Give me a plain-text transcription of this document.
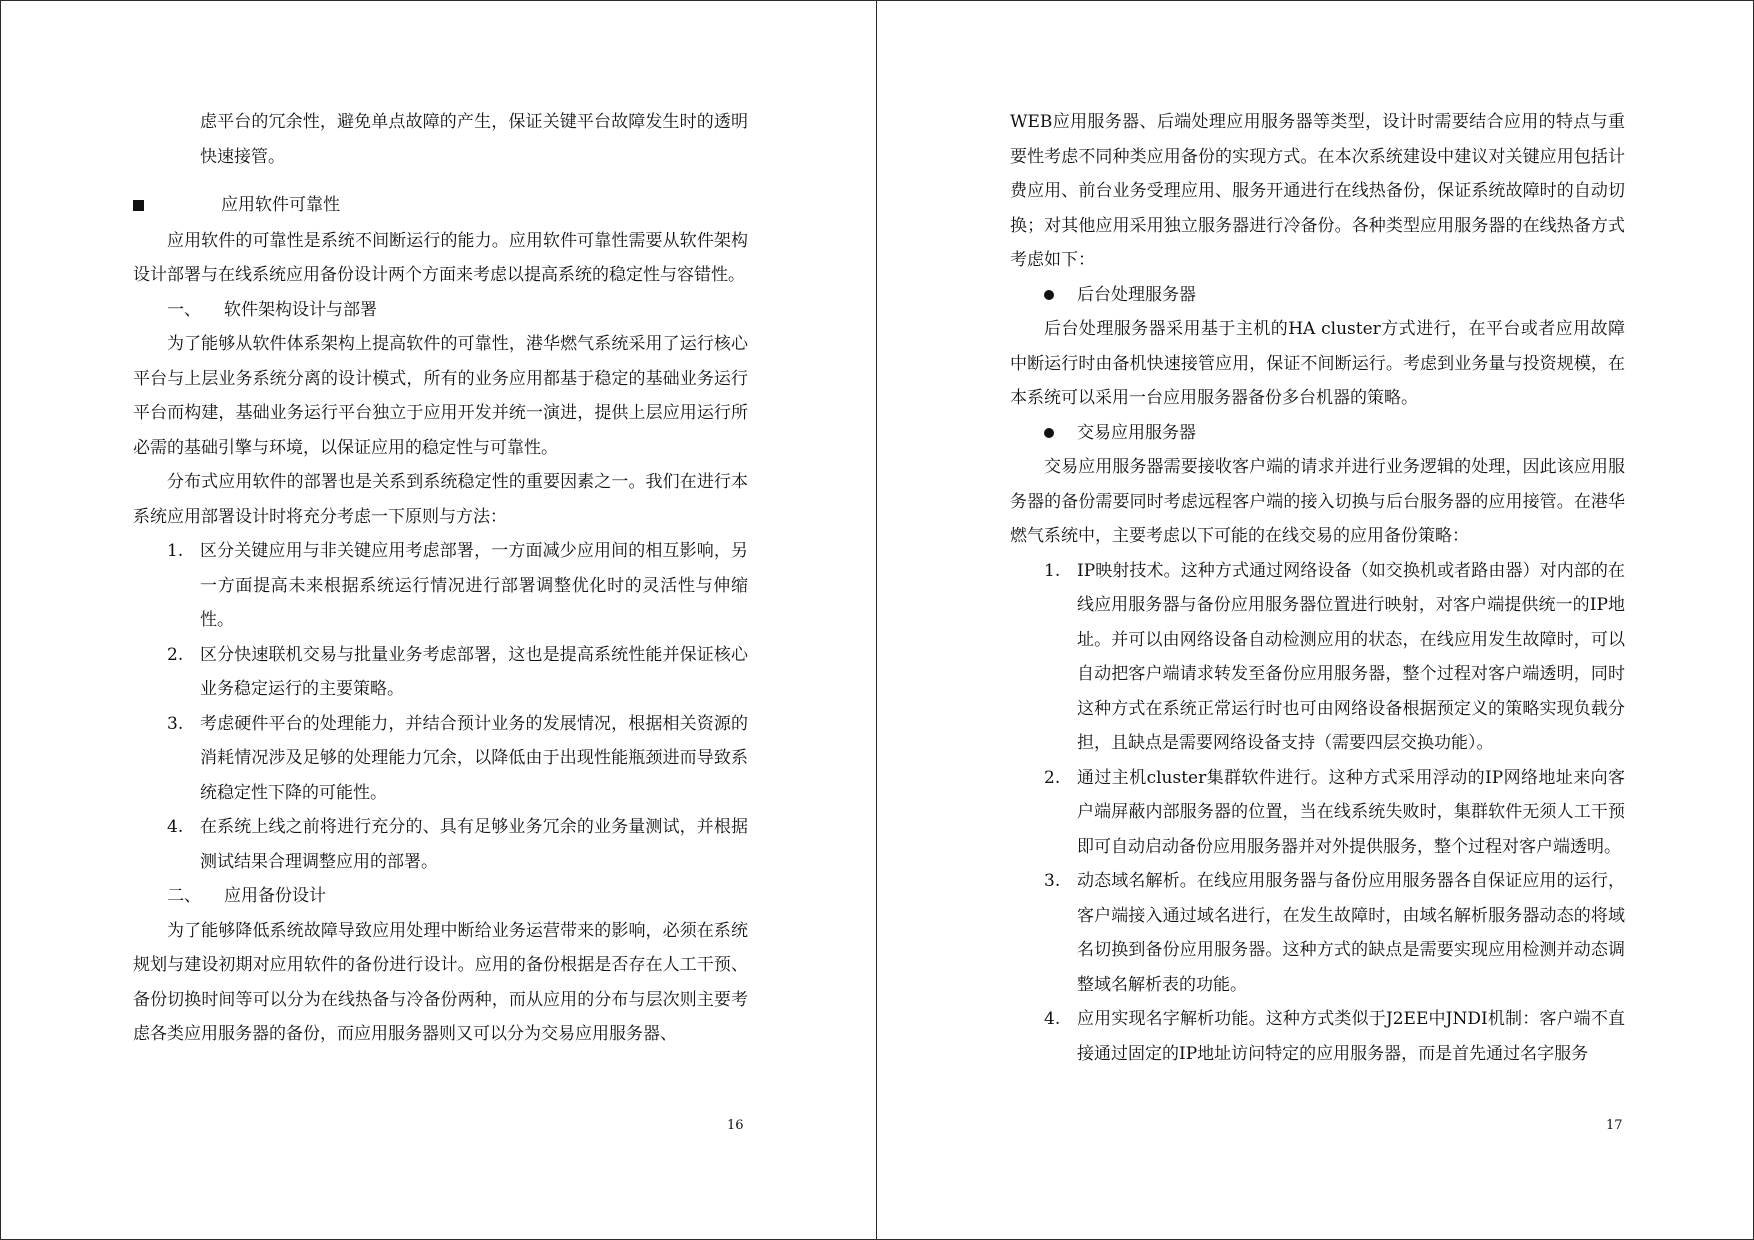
虑平台的冗余性，避免单点故障的产生，保证关键平台故障发生时的透明快速接管。

应用软件可靠性

应用软件的可靠性是系统不间断运行的能力。应用软件可靠性需要从软件架构设计部署与在线系统应用备份设计两个方面来考虑以提高系统的稳定性与容错性。

一、 软件架构设计与部署

为了能够从软件体系架构上提高软件的可靠性，港华燃气系统采用了运行核心平台与上层业务系统分离的设计模式，所有的业务应用都基于稳定的基础业务运行平台而构建，基础业务运行平台独立于应用开发并统一演进，提供上层应用运行所必需的基础引擎与环境，以保证应用的稳定性与可靠性。

分布式应用软件的部署也是关系到系统稳定性的重要因素之一。我们在进行本系统应用部署设计时将充分考虑一下原则与方法：

1. 区分关键应用与非关键应用考虑部署，一方面减少应用间的相互影响，另一方面提高未来根据系统运行情况进行部署调整优化时的灵活性与伸缩性。
2. 区分快速联机交易与批量业务考虑部署，这也是提高系统性能并保证核心业务稳定运行的主要策略。
3. 考虑硬件平台的处理能力，并结合预计业务的发展情况，根据相关资源的消耗情况涉及足够的处理能力冗余，以降低由于出现性能瓶颈进而导致系统稳定性下降的可能性。
4. 在系统上线之前将进行充分的、具有足够业务冗余的业务量测试，并根据测试结果合理调整应用的部署。
二、 应用备份设计

为了能够降低系统故障导致应用处理中断给业务运营带来的影响，必须在系统规划与建设初期对应用软件的备份进行设计。应用的备份根据是否存在人工干预、备份切换时间等可以分为在线热备与冷备份两种，而从应用的分布与层次则主要考虑各类应用服务器的备份，而应用服务器则又可以分为交易应用服务器、

16

WEB应用服务器、后端处理应用服务器等类型，设计时需要结合应用的特点与重要性考虑不同种类应用备份的实现方式。在本次系统建设中建议对关键应用包括计费应用、前台业务受理应用、服务开通进行在线热备份，保证系统故障时的自动切换；对其他应用采用独立服务器进行冷备份。各种类型应用服务器的在线热备方式考虑如下：

后台处理服务器

后台处理服务器采用基于主机的HA cluster方式进行，在平台或者应用故障中断运行时由备机快速接管应用，保证不间断运行。考虑到业务量与投资规模，在本系统可以采用一台应用服务器备份多台机器的策略。

交易应用服务器

交易应用服务器需要接收客户端的请求并进行业务逻辑的处理，因此该应用服务器的备份需要同时考虑远程客户端的接入切换与后台服务器的应用接管。在港华燃气系统中，主要考虑以下可能的在线交易的应用备份策略：

1. IP映射技术。这种方式通过网络设备（如交换机或者路由器）对内部的在线应用服务器与备份应用服务器位置进行映射，对客户端提供统一的IP地址。并可以由网络设备自动检测应用的状态，在线应用发生故障时，可以自动把客户端请求转发至备份应用服务器，整个过程对客户端透明，同时这种方式在系统正常运行时也可由网络设备根据预定义的策略实现负载分担，且缺点是需要网络设备支持（需要四层交换功能）。
2. 通过主机cluster集群软件进行。这种方式采用浮动的IP网络地址来向客户端屏蔽内部服务器的位置，当在线系统失败时，集群软件无须人工干预即可自动启动备份应用服务器并对外提供服务，整个过程对客户端透明。
3. 动态域名解析。在线应用服务器与备份应用服务器各自保证应用的运行，客户端接入通过域名进行，在发生故障时，由域名解析服务器动态的将域名切换到备份应用服务器。这种方式的缺点是需要实现应用检测并动态调整域名解析表的功能。
4. 应用实现名字解析功能。这种方式类似于J2EE中JNDI机制：客户端不直接通过固定的IP地址访问特定的应用服务器，而是首先通过名字服务
17
